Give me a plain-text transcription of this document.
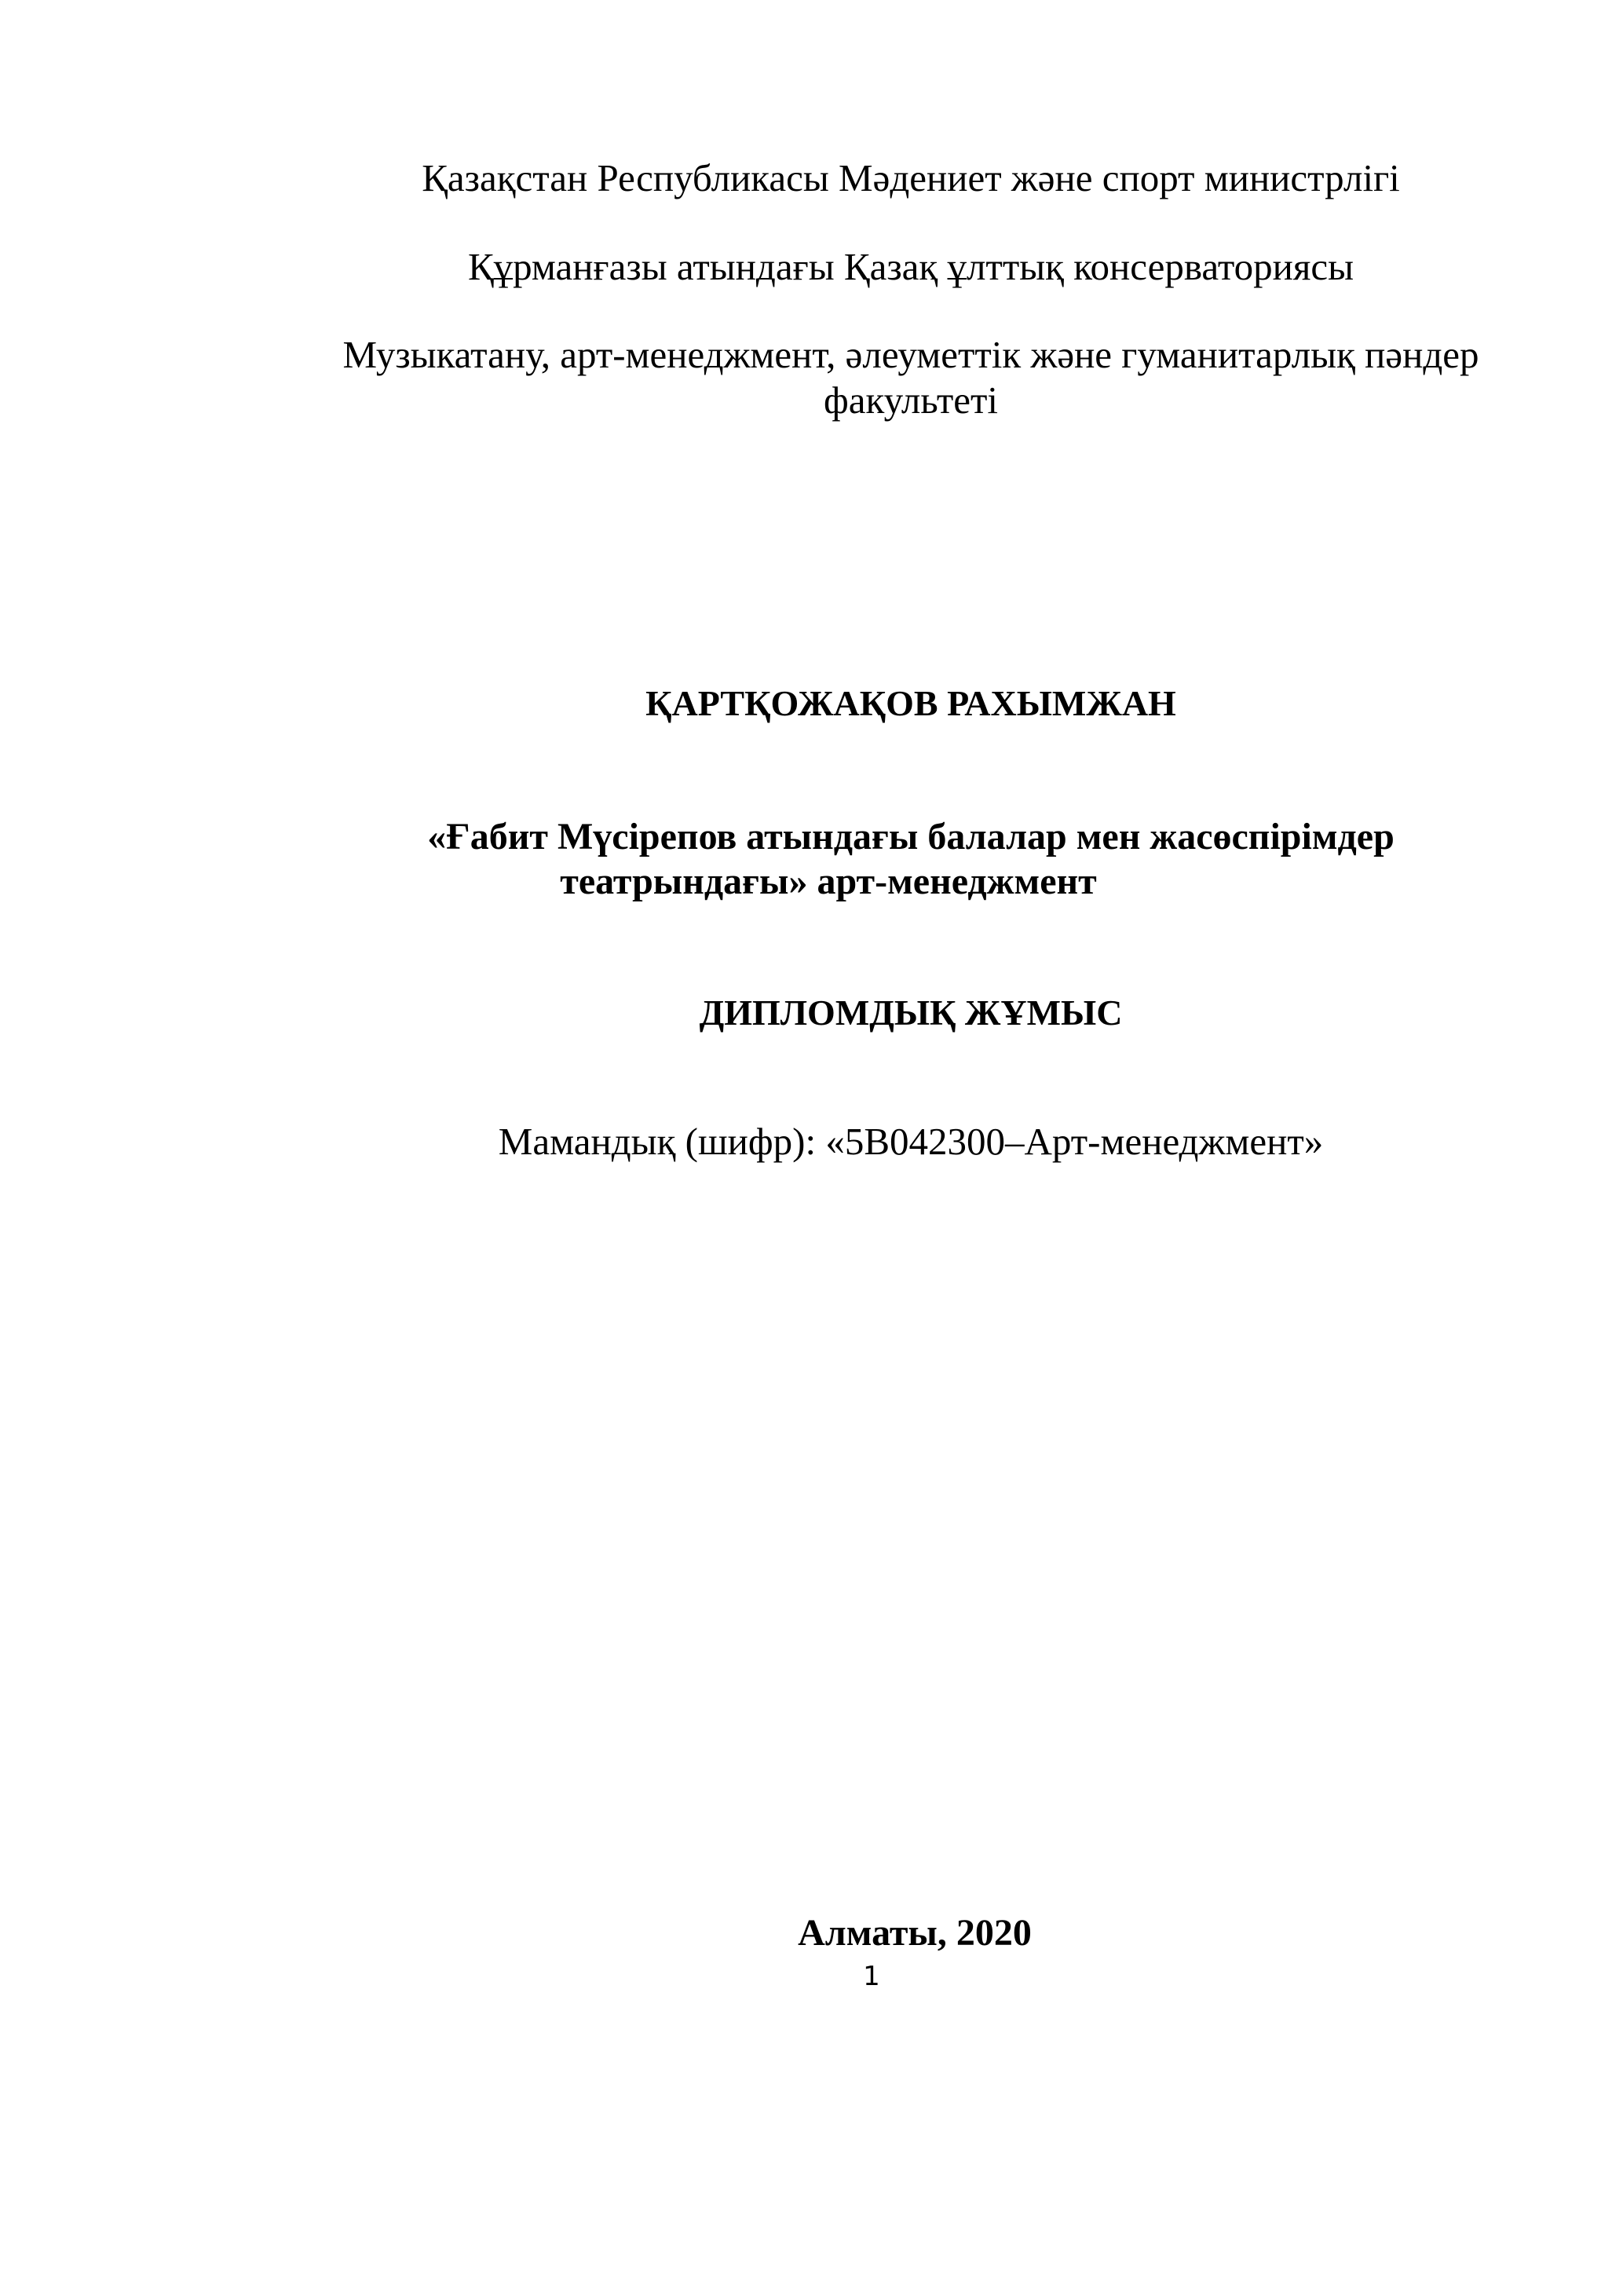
Қазақстан Республикасы Мәдениет және спорт министрлігі
Құрманғазы атындағы Қазақ ұлттық консерваториясы
Музыкатану, арт-менеджмент, әлеуметтік және гуманитарлық пәндер
факультеті
ҚАРТҚОЖАҚОВ РАХЫМЖАН
«Ғабит Мүсірепов атындағы балалар мен жасөспірімдер
театрындағы» арт-менеджмент
ДИПЛОМДЫҚ ЖҰМЫС
Мамандық (шифр): «5В042300–Арт-менеджмент»
Алматы, 2020
1
